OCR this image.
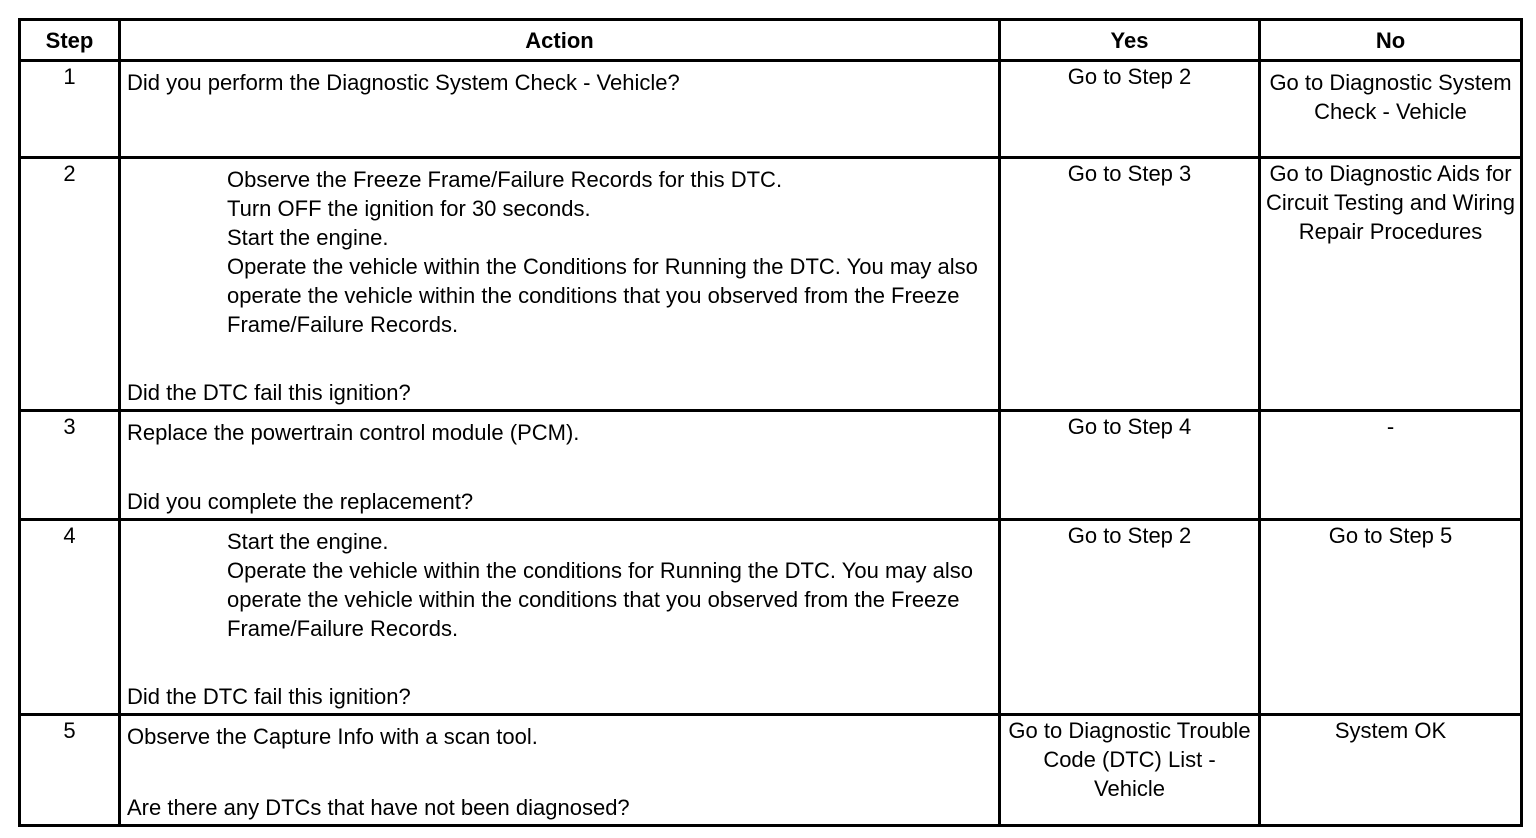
Step	Action	Yes	No
1	Did you perform the Diagnostic System Check - Vehicle?	Go to Step 2	Go to Diagnostic System Check - Vehicle

2	Observe the Freeze Frame/Failure Records for this DTC.
Turn OFF the ignition for 30 seconds.
Start the engine.
Operate the vehicle within the Conditions for Running the DTC. You may also operate the vehicle within the conditions that you observed from the Freeze Frame/Failure Records.
Did the DTC fail this ignition?	Go to Step 3	Go to Diagnostic Aids for Circuit Testing and Wiring Repair Procedures

3	Replace the powertrain control module (PCM).
Did you complete the replacement?	Go to Step 4	-

4	Start the engine.
Operate the vehicle within the conditions for Running the DTC. You may also operate the vehicle within the conditions that you observed from the Freeze Frame/Failure Records.
Did the DTC fail this ignition?	Go to Step 2	Go to Step 5

5	Observe the Capture Info with a scan tool.
Are there any DTCs that have not been diagnosed?	Go to Diagnostic Trouble Code (DTC) List - Vehicle	System OK
